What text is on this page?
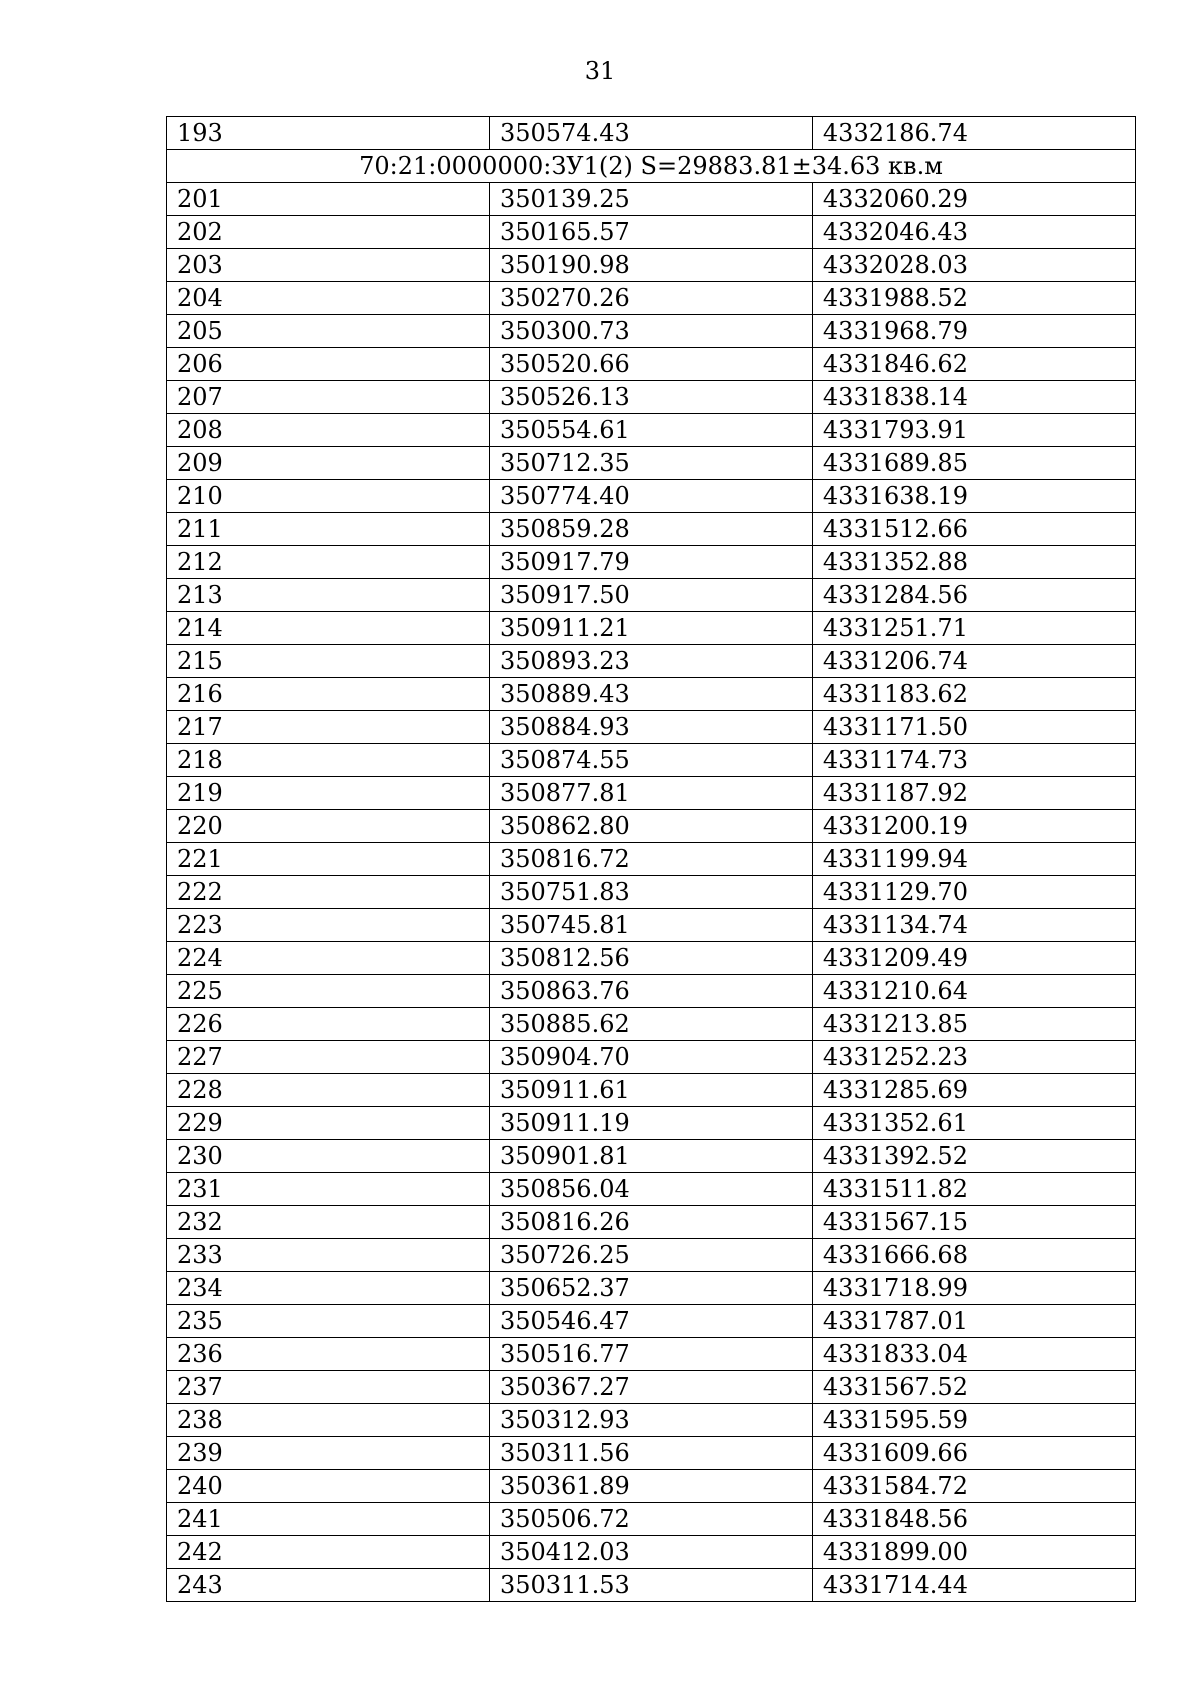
31
193	350574.43	4332186.74
70:21:0000000:ЗУ1(2) S=29883.81±34.63 кв.м		
201	350139.25	4332060.29
202	350165.57	4332046.43
203	350190.98	4332028.03
204	350270.26	4331988.52
205	350300.73	4331968.79
206	350520.66	4331846.62
207	350526.13	4331838.14
208	350554.61	4331793.91
209	350712.35	4331689.85
210	350774.40	4331638.19
211	350859.28	4331512.66
212	350917.79	4331352.88
213	350917.50	4331284.56
214	350911.21	4331251.71
215	350893.23	4331206.74
216	350889.43	4331183.62
217	350884.93	4331171.50
218	350874.55	4331174.73
219	350877.81	4331187.92
220	350862.80	4331200.19
221	350816.72	4331199.94
222	350751.83	4331129.70
223	350745.81	4331134.74
224	350812.56	4331209.49
225	350863.76	4331210.64
226	350885.62	4331213.85
227	350904.70	4331252.23
228	350911.61	4331285.69
229	350911.19	4331352.61
230	350901.81	4331392.52
231	350856.04	4331511.82
232	350816.26	4331567.15
233	350726.25	4331666.68
234	350652.37	4331718.99
235	350546.47	4331787.01
236	350516.77	4331833.04
237	350367.27	4331567.52
238	350312.93	4331595.59
239	350311.56	4331609.66
240	350361.89	4331584.72
241	350506.72	4331848.56
242	350412.03	4331899.00
243	350311.53	4331714.44
